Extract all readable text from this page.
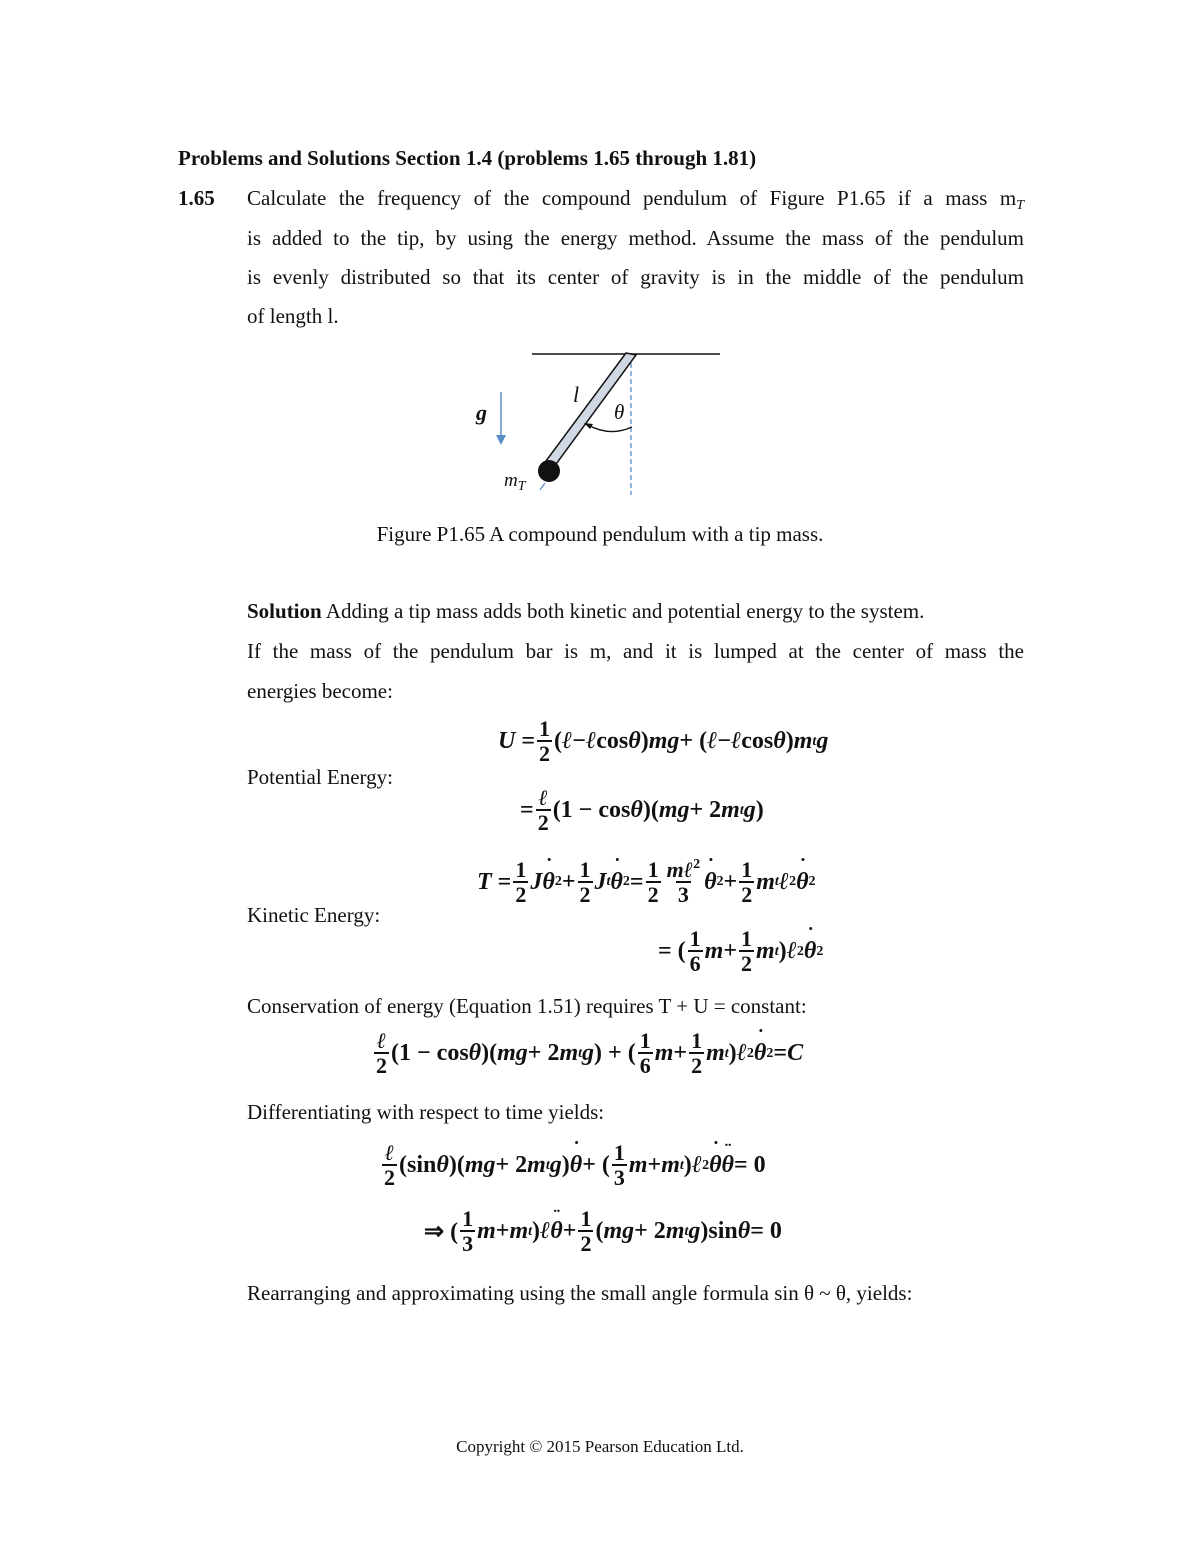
Problems and Solutions Section 1.4 (problems 1.65 through 1.81)
1.65 Calculate the frequency of the compound pendulum of Figure P1.65 if a mass $m_T$
is added to the tip, by using the energy method. Assume the mass of the pendulum
is evenly distributed so that its center of gravity is in the middle of the pendulum
of length l.
g
l
θ
$m_T$
Figure P1.65 A compound pendulum with a tip mass.
Solution Adding a tip mass adds both kinetic and potential energy to the system.
If the mass of the pendulum bar is m, and it is lumped at the center of mass the
energies become:
Potential Energy:
$U = \frac{1}{2}$ ( ℓ − ℓ cos θ ) mg + ( ℓ − ℓ cos θ ) m t g
= $\frac{\text{ℓ}}{2} (1 - \cos \theta$ )( mg + 2 m t g )
Kinetic Energy:
$T = \frac{1}{2}$ J θ ˙ $2 + \frac{1}{2}$ J t θ ˙ $2 = \frac{1}{2} \frac{m\ell^2}{3}$ θ ˙ $2 + \frac{1}{2}$ m t ℓ 2 θ ˙ 2
= ( $\frac{1}{6}$ $m + \frac{1}{2}$ m t ) ℓ 2 θ ˙ 2
Conservation of energy (Equation 1.51) requires T + U = constant:
$\frac{\text{ℓ}}{2} (1 - \cos \theta$ )( mg + 2 m t g ) + ( $\frac{1}{6}$ $m + \frac{1}{2}$ m t ) ℓ 2 θ ˙ 2 = C
Differentiating with respect to time yields:
$\frac{\text{ℓ}}{2} (\sin$ θ )( mg + 2 m t g ) θ ˙ + ( $\frac{1}{3}$ m + m t ) ℓ 2 θ ˙ θ ¨ = 0
⇒ ( $\frac{1}{3}$ m + m t ) ℓ θ ¨ + $\frac{1}{2}$ ( mg + 2 m t g )sin θ = 0
Rearranging and approximating using the small angle formula sin θ ~ θ, yields:
Copyright © 2015 Pearson Education Ltd.
